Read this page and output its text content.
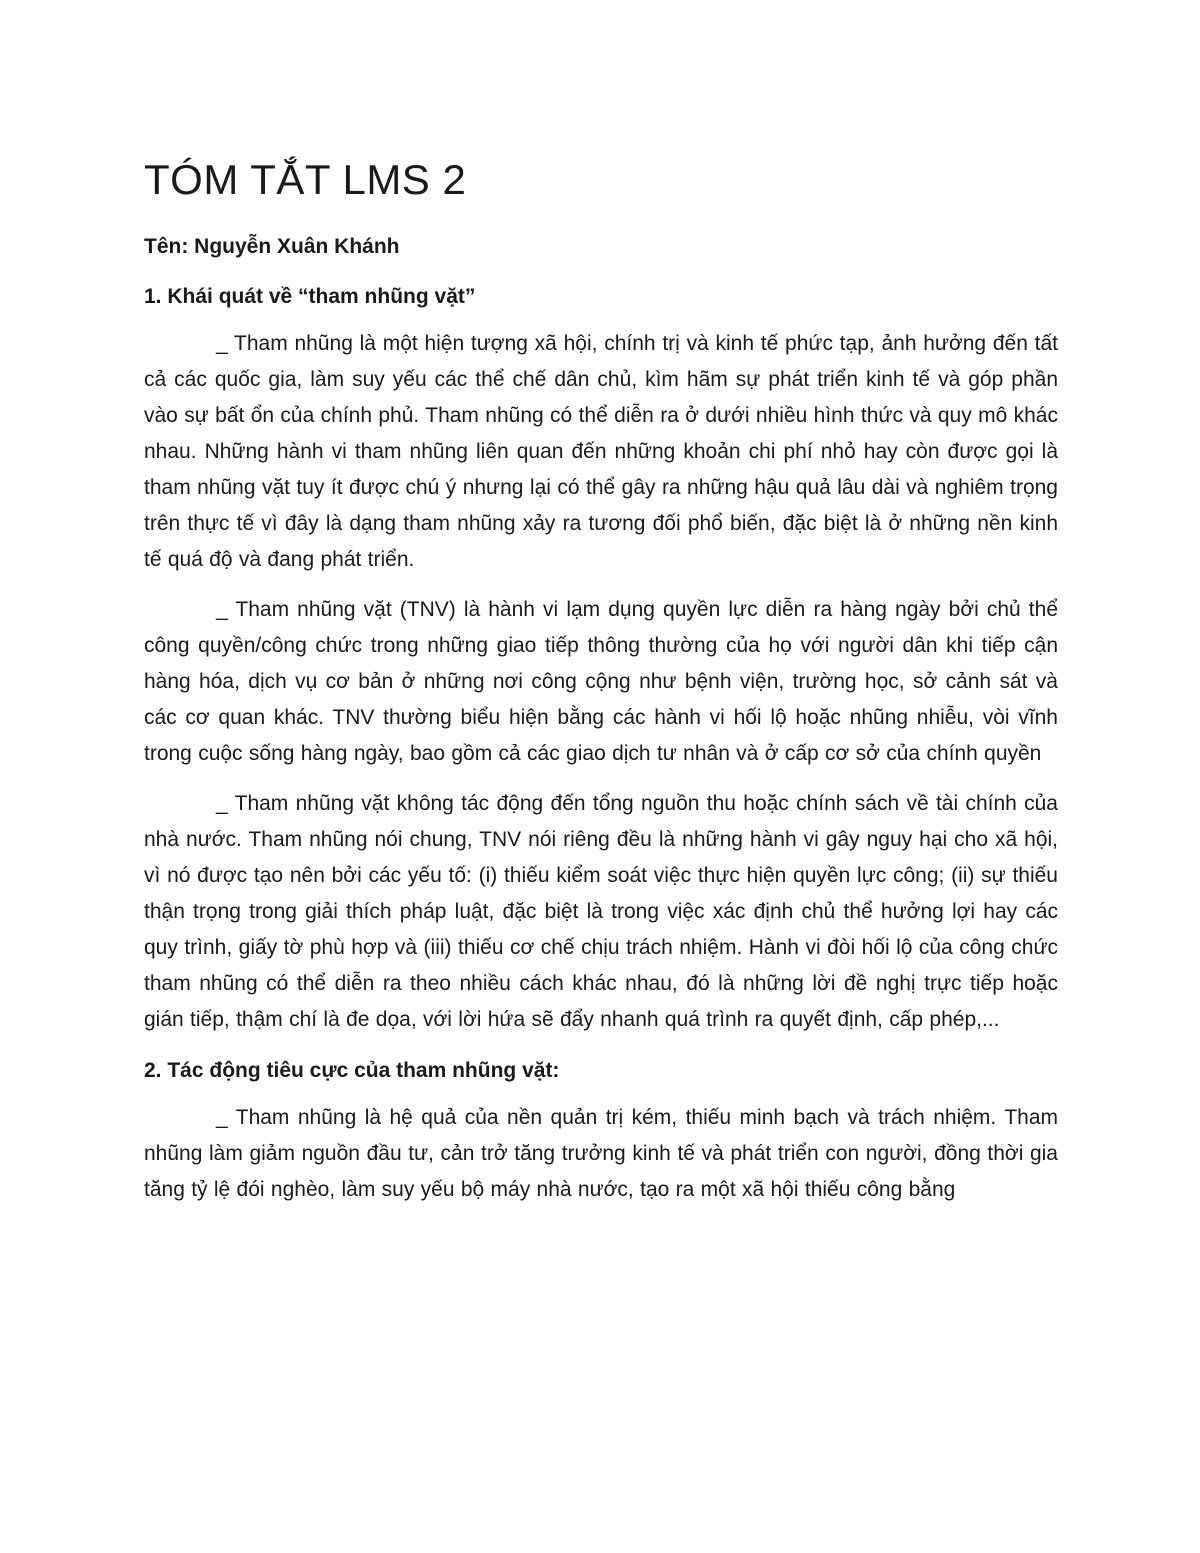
TÓM TẮT LMS 2
Tên: Nguyễn Xuân Khánh
1. Khái quát về “tham nhũng vặt”

_ Tham nhũng là một hiện tượng xã hội, chính trị và kinh tế phức tạp, ảnh hưởng đến tất cả các quốc gia, làm suy yếu các thể chế dân chủ, kìm hãm sự phát triển kinh tế và góp phần vào sự bất ổn của chính phủ. Tham nhũng có thể diễn ra ở dưới nhiều hình thức và quy mô khác nhau. Những hành vi tham nhũng liên quan đến những khoản chi phí nhỏ hay còn được gọi là tham nhũng vặt tuy ít được chú ý nhưng lại có thể gây ra những hậu quả lâu dài và nghiêm trọng trên thực tế vì đây là dạng tham nhũng xảy ra tương đối phổ biến, đặc biệt là ở những nền kinh tế quá độ và đang phát triển.

_ Tham nhũng vặt (TNV) là hành vi lạm dụng quyền lực diễn ra hàng ngày bởi chủ thể công quyền/công chức trong những giao tiếp thông thường của họ với người dân khi tiếp cận hàng hóa, dịch vụ cơ bản ở những nơi công cộng như bệnh viện, trường học, sở cảnh sát và các cơ quan khác. TNV thường biểu hiện bằng các hành vi hối lộ hoặc nhũng nhiễu, vòi vĩnh trong cuộc sống hàng ngày, bao gồm cả các giao dịch tư nhân và ở cấp cơ sở của chính quyền

_ Tham nhũng vặt không tác động đến tổng nguồn thu hoặc chính sách về tài chính của nhà nước. Tham nhũng nói chung, TNV nói riêng đều là những hành vi gây nguy hại cho xã hội, vì nó được tạo nên bởi các yếu tố: (i) thiếu kiểm soát việc thực hiện quyền lực công; (ii) sự thiếu thận trọng trong giải thích pháp luật, đặc biệt là trong việc xác định chủ thể hưởng lợi hay các quy trình, giấy tờ phù hợp và (iii) thiếu cơ chế chịu trách nhiệm. Hành vi đòi hối lộ của công chức tham nhũng có thể diễn ra theo nhiều cách khác nhau, đó là những lời đề nghị trực tiếp hoặc gián tiếp, thậm chí là đe dọa, với lời hứa sẽ đẩy nhanh quá trình ra quyết định, cấp phép,...

2. Tác động tiêu cực của tham nhũng vặt:

_ Tham nhũng là hệ quả của nền quản trị kém, thiếu minh bạch và trách nhiệm. Tham nhũng làm giảm nguồn đầu tư, cản trở tăng trưởng kinh tế và phát triển con người, đồng thời gia tăng tỷ lệ đói nghèo, làm suy yếu bộ máy nhà nước, tạo ra một xã hội thiếu công bằng
